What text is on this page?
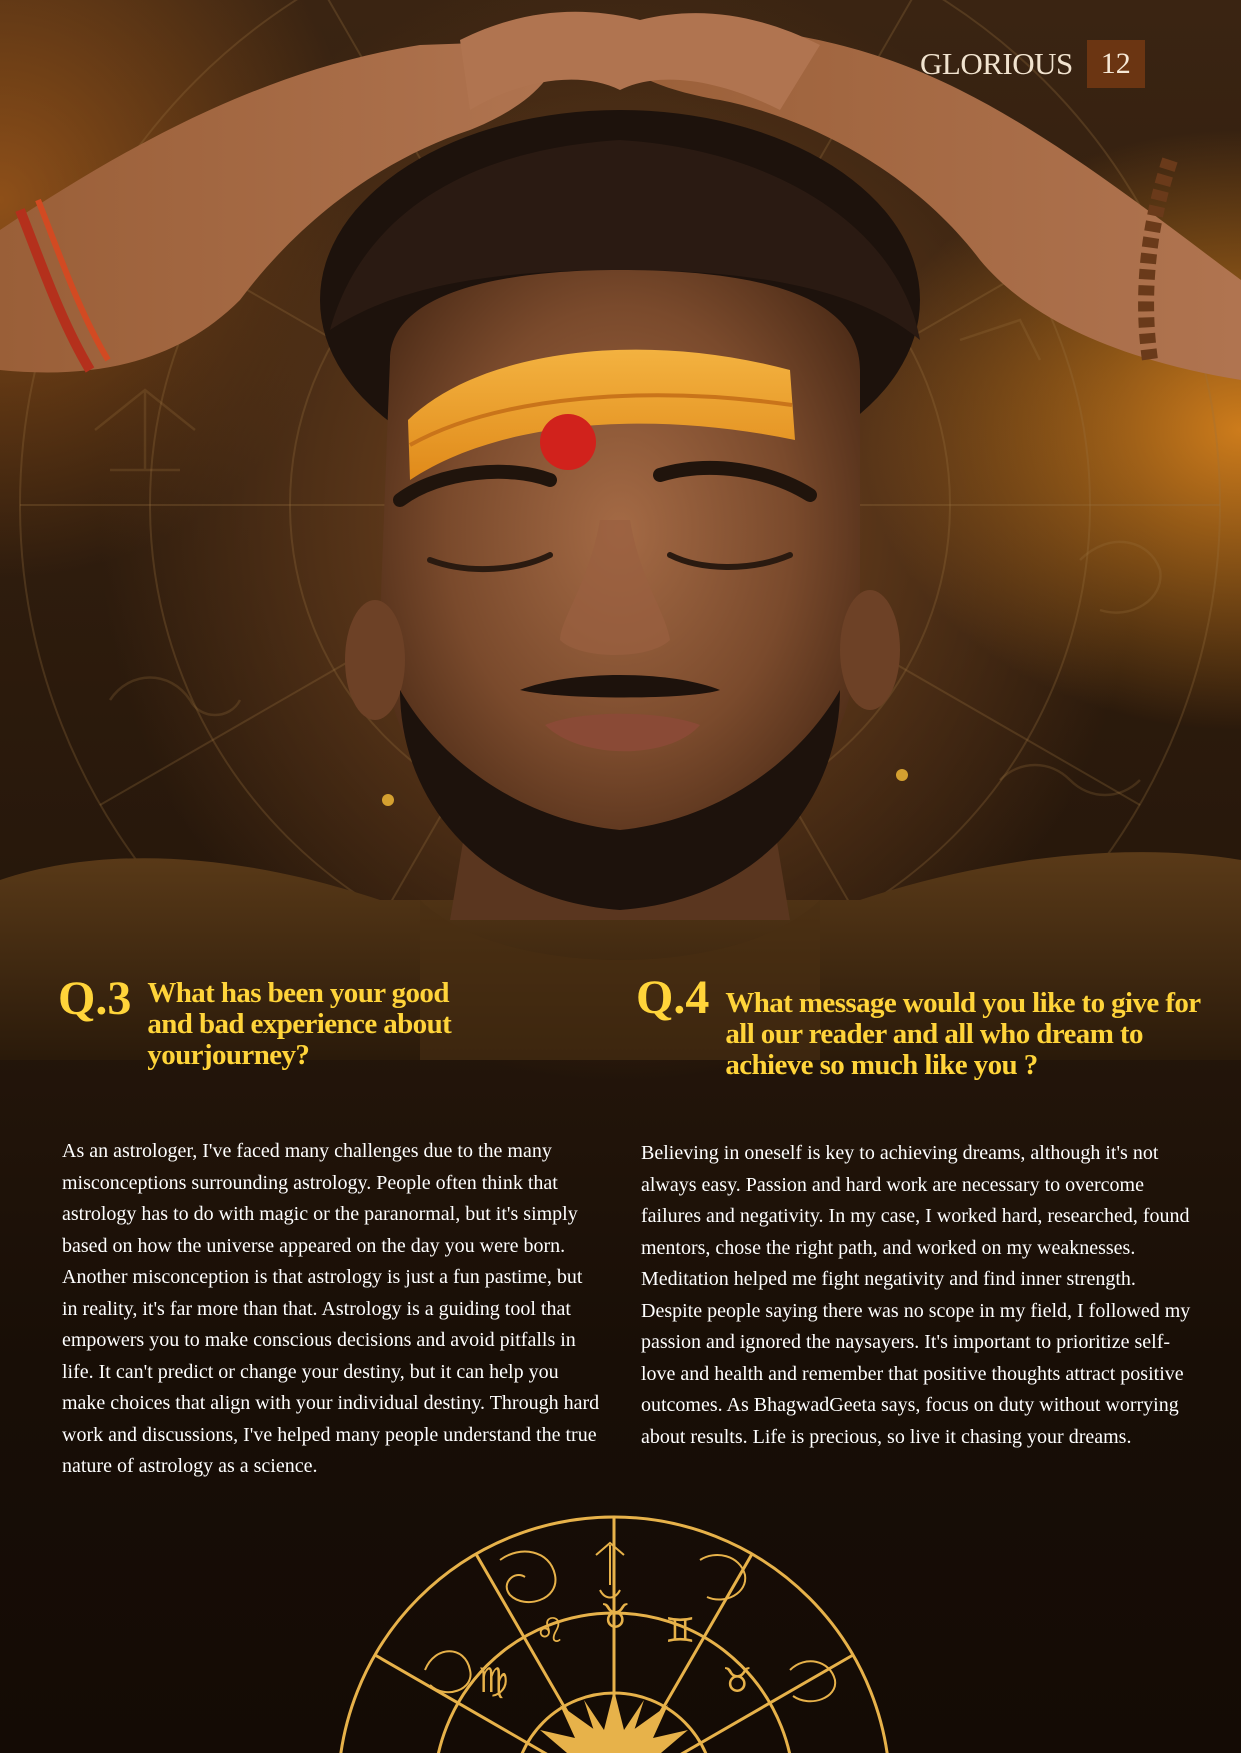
GLORIOUS 12
Q.3 What has been your good and bad experience about yourjourney?

As an astrologer, I've faced many challenges due to the many misconceptions surrounding astrology. People often think that astrology has to do with magic or the paranormal, but it's simply based on how the universe appeared on the day you were born. Another misconception is that astrology is just a fun pastime, but in reality, it's far more than that. Astrology is a guiding tool that empowers you to make conscious decisions and avoid pitfalls in life. It can't predict or change your destiny, but it can help you make choices that align with your individual destiny. Through hard work and discussions, I've helped many people understand the true nature of astrology as a science.

Q.4 What message would you like to give for all our reader and all who dream to achieve so much like you ?

Believing in oneself is key to achieving dreams, although it's not always easy. Passion and hard work are necessary to overcome failures and negativity. In my case, I worked hard, researched, found mentors, chose the right path, and worked on my weaknesses. Meditation helped me fight negativity and find inner strength. Despite people saying there was no scope in my field, I followed my passion and ignored the naysayers. It's important to prioritize self-love and health and remember that positive thoughts attract positive outcomes. As BhagwadGeeta says, focus on duty without worrying about results. Life is precious, so live it chasing your dreams.

♌ ♉ ♊
♍	♉
